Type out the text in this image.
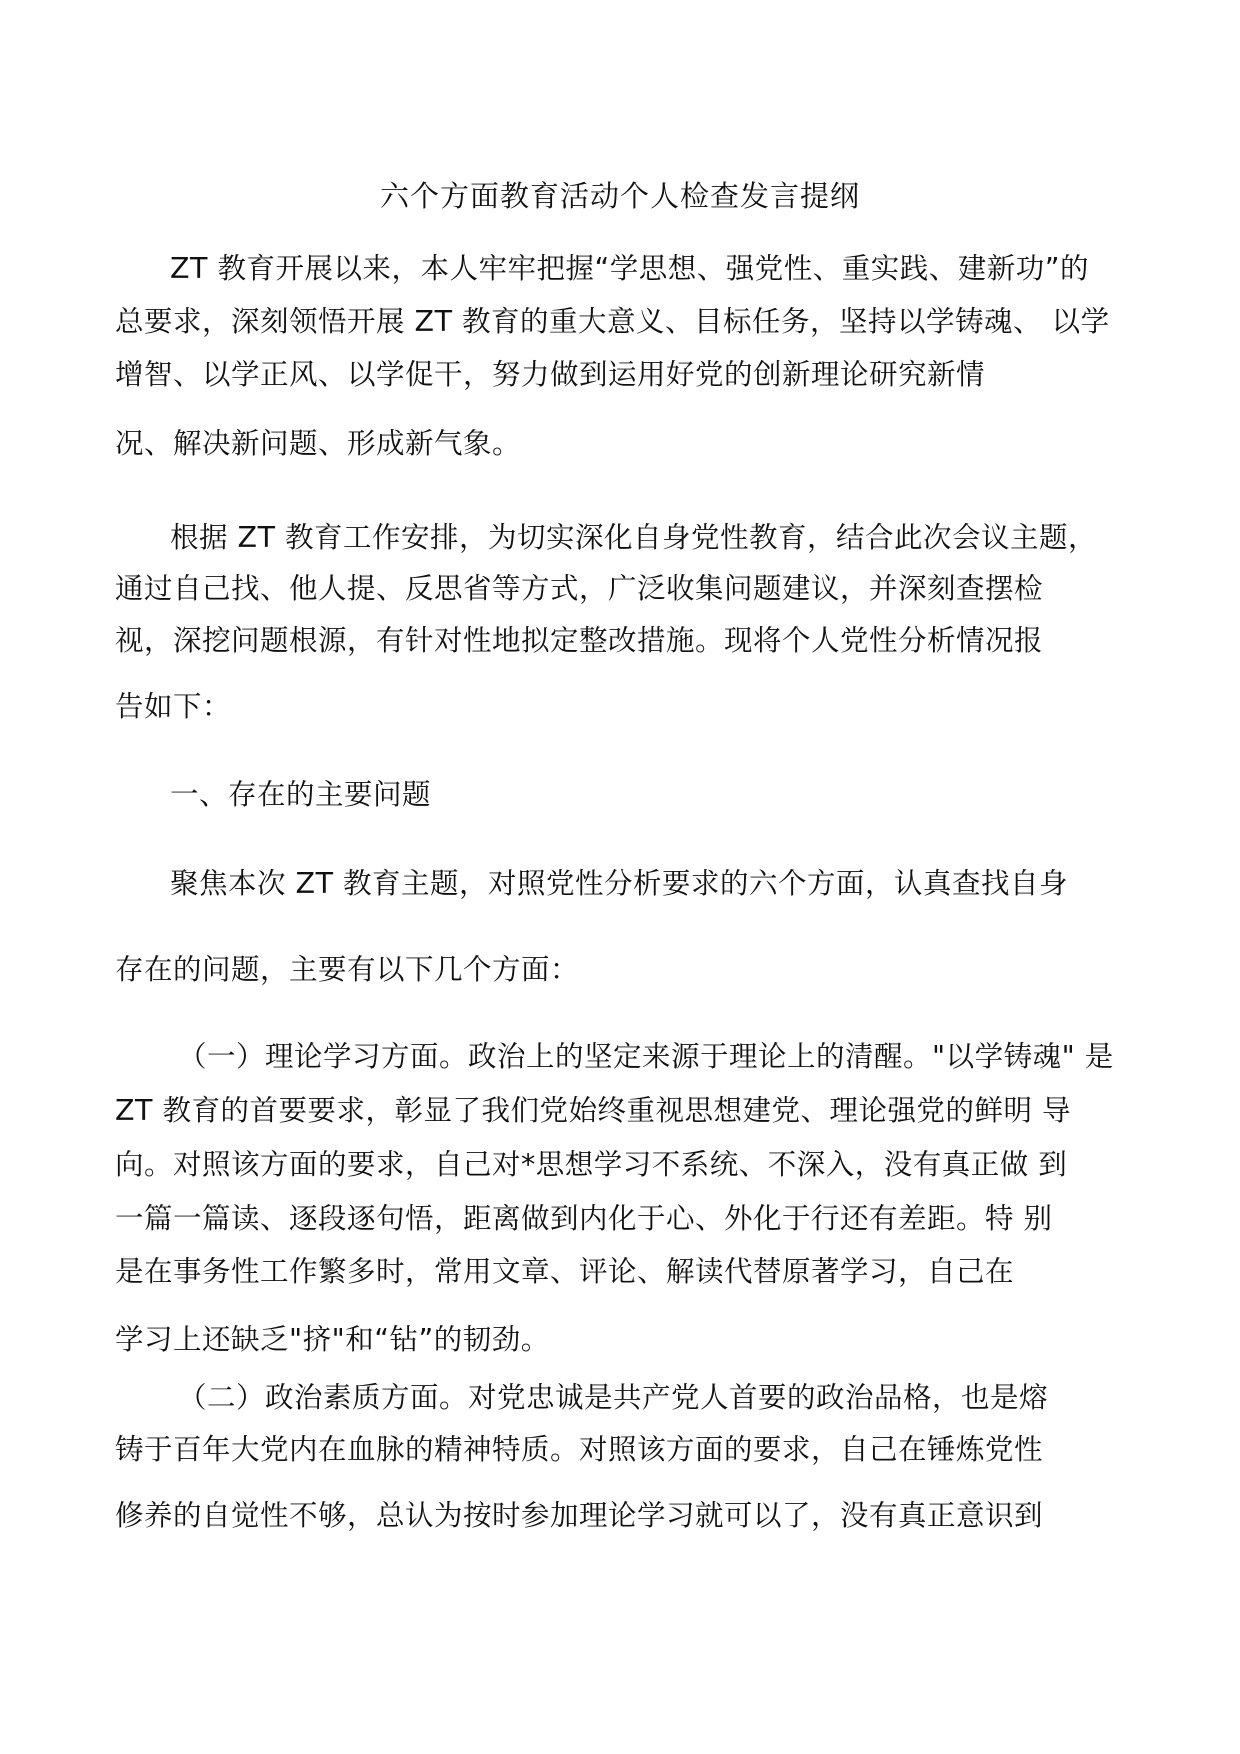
六个方面教育活动个人检查发言提纲
ZT 教育开展以来，本人牢牢把握“学思想、强党性、重实践、建新功”的
总要求，深刻领悟开展 ZT 教育的重大意义、目标任务，坚持以学铸魂、 以学
增智、以学正风、以学促干，努力做到运用好党的创新理论研究新情
况、解决新问题、形成新气象。
根据 ZT 教育工作安排，为切实深化自身党性教育，结合此次会议主题，
通过自己找、他人提、反思省等方式，广泛收集问题建议，并深刻查摆检
视，深挖问题根源，有针对性地拟定整改措施。现将个人党性分析情况报
告如下：
一、存在的主要问题
聚焦本次 ZT 教育主题，对照党性分析要求的六个方面，认真查找自身
存在的问题，主要有以下几个方面：
（一）理论学习方面。政治上的坚定来源于理论上的清醒。"以学铸魂" 是
ZT 教育的首要要求，彰显了我们党始终重视思想建党、理论强党的鲜明 导
向。对照该方面的要求，自己对*思想学习不系统、不深入，没有真正做 到
一篇一篇读、逐段逐句悟，距离做到内化于心、外化于行还有差距。特 别
是在事务性工作繁多时，常用文章、评论、解读代替原著学习，自己在
学习上还缺乏"挤"和“钻”的韧劲。
（二）政治素质方面。对党忠诚是共产党人首要的政治品格，也是熔
铸于百年大党内在血脉的精神特质。对照该方面的要求，自己在锤炼党性
修养的自觉性不够，总认为按时参加理论学习就可以了，没有真正意识到
